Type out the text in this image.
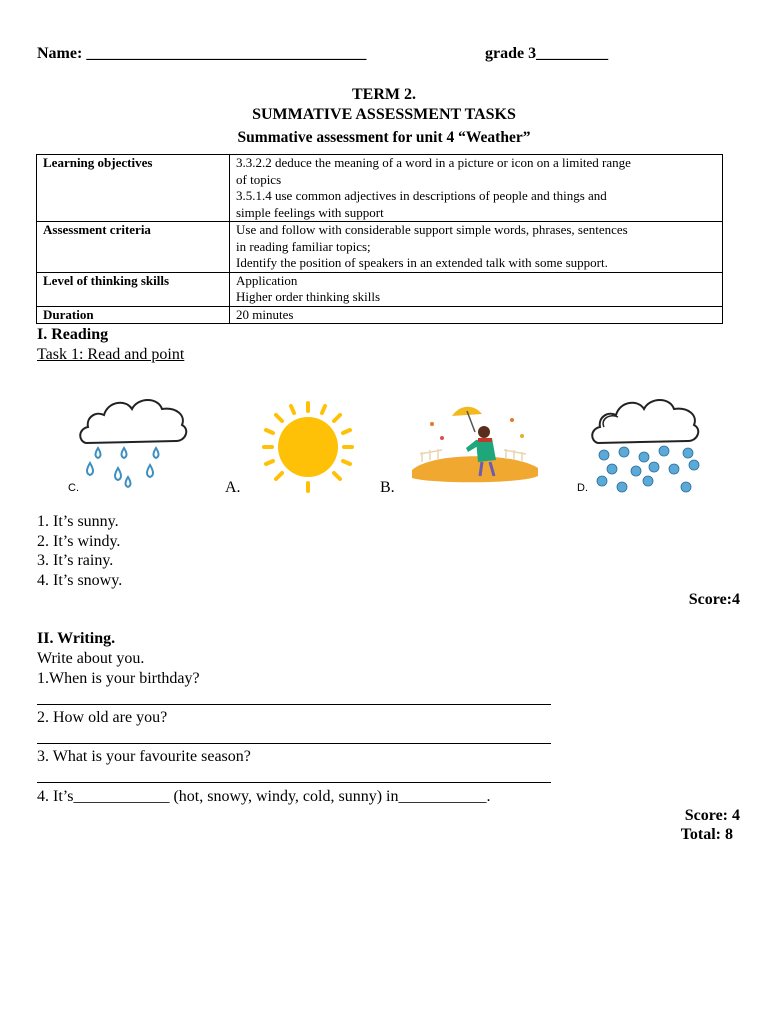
Name: ___________________________________	grade 3_________
TERM 2.
SUMMATIVE ASSESSMENT TASKS
Summative assessment for unit 4 “Weather”
Learning objectives	3.3.2.2 deduce the meaning of a word in a picture or icon on a limited range
of topics
3.5.1.4 use common adjectives in descriptions of people and things and
simple feelings with support

Assessment criteria	Use and follow with considerable support simple words, phrases, sentences
in reading familiar topics;
Identify the position of speakers in an extended talk with some support.

Level of thinking skills	Application
Higher order thinking skills

Duration	20 minutes
I. Reading
Task 1: Read and point
C.	A.	B.	D.
1. It’s sunny.
2. It’s windy.
3. It’s rainy.
4. It’s snowy.
Score:4
II. Writing.
Write about you.
1.When is your birthday?
2. How old are you?
3. What is your favourite season?
4. It’s____________ (hot, snowy, windy, cold, sunny) in___________.
Score: 4
Total: 8
